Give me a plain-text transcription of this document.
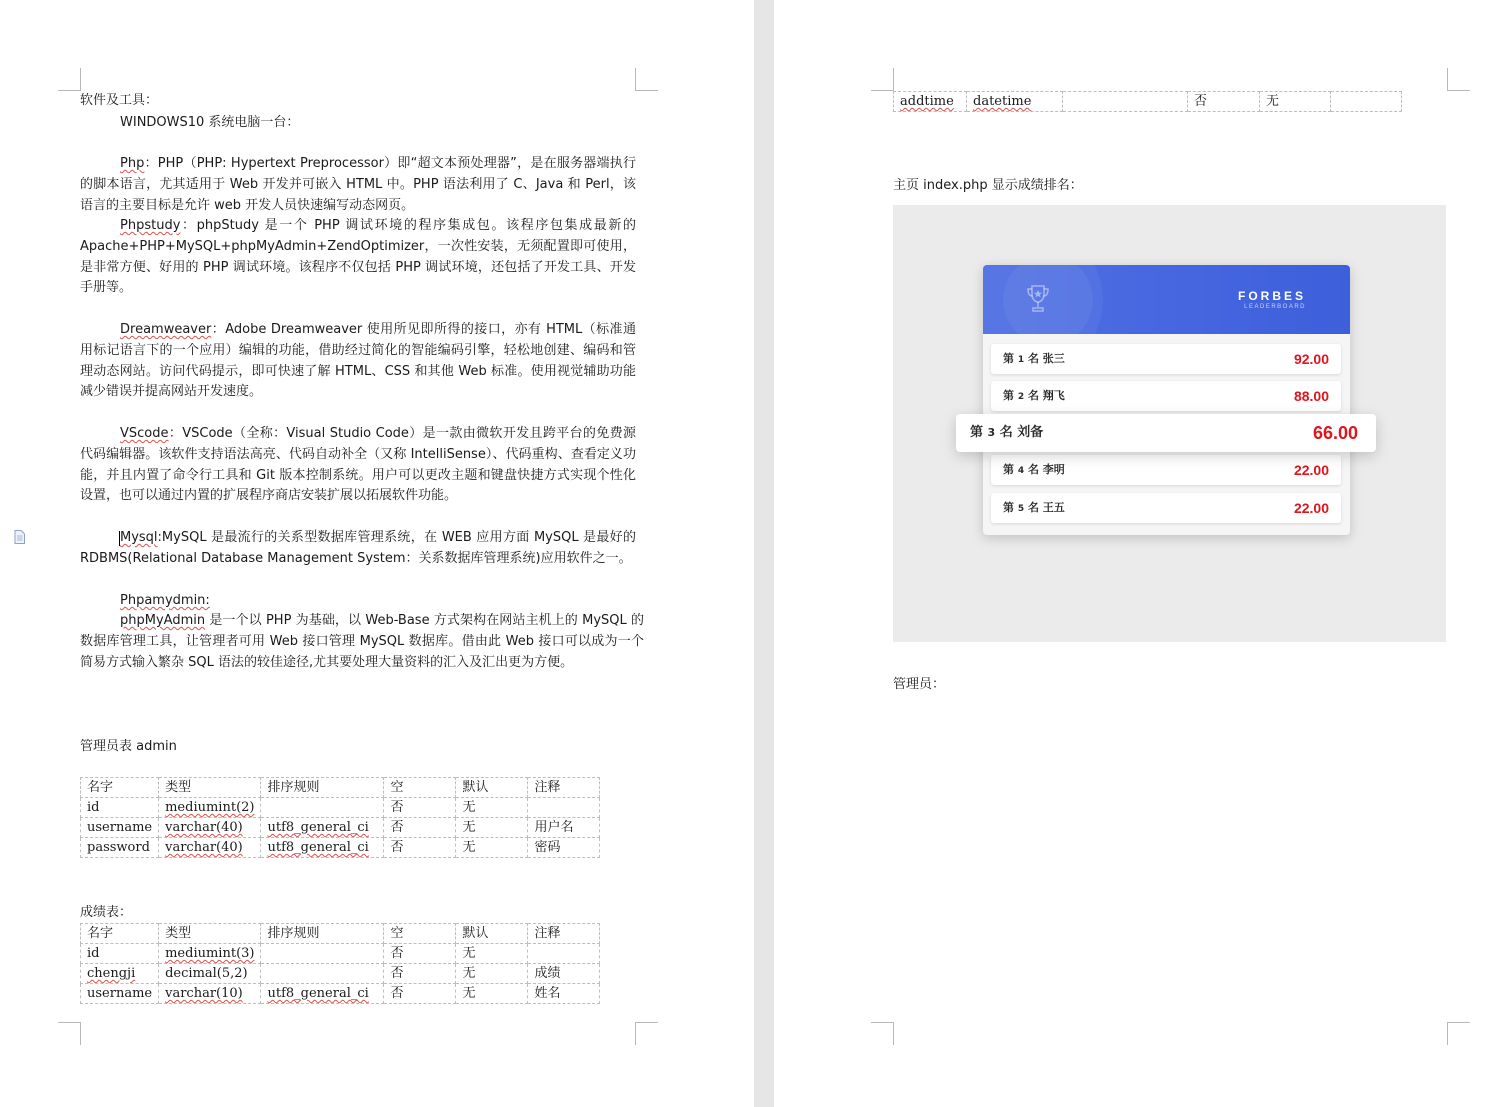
软件及工具：
WINDOWS10 系统电脑一台：
Php：PHP（PHP: Hypertext Preprocessor）即“超文本预处理器”，是在服务器端执行的脚本语言，尤其适用于 Web 开发并可嵌入 HTML 中。PHP 语法利用了 C、Java 和 Perl，该语言的主要目标是允许 web 开发人员快速编写动态网页。
Phpstudy：phpStudy 是一个 PHP 调试环境的程序集成包。该程序包集成最新的 Apache+PHP+MySQL+phpMyAdmin+ZendOptimizer，一次性安装，无须配置即可使用，是非常方便、好用的 PHP 调试环境。该程序不仅包括 PHP 调试环境，还包括了开发工具、开发手册等。
Dreamweaver：Adobe Dreamweaver 使用所见即所得的接口，亦有 HTML（标准通用标记语言下的一个应用）编辑的功能，借助经过简化的智能编码引擎，轻松地创建、编码和管理动态网站。访问代码提示，即可快速了解 HTML、CSS 和其他 Web 标准。使用视觉辅助功能减少错误并提高网站开发速度。
VScode：VSCode（全称：Visual Studio Code）是一款由微软开发且跨平台的免费源代码编辑器。该软件支持语法高亮、代码自动补全（又称 IntelliSense）、代码重构、查看定义功能，并且内置了命令行工具和 Git 版本控制系统。用户可以更改主题和键盘快捷方式实现个性化设置，也可以通过内置的扩展程序商店安装扩展以拓展软件功能。
Mysql:MySQL 是最流行的关系型数据库管理系统，在 WEB 应用方面 MySQL 是最好的 RDBMS(Relational Database Management System：关系数据库管理系统)应用软件之一。
Phpamydmin:
phpMyAdmin 是一个以 PHP 为基础，以 Web-Base 方式架构在网站主机上的 MySQL 的数据库管理工具，让管理者可用 Web 接口管理 MySQL 数据库。借由此 Web 接口可以成为一个简易方式输入繁杂 SQL 语法的较佳途径,尤其要处理大量资料的汇入及汇出更为方便。
管理员表 admin
名字	类型	排序规则	空	默认	注释
id	mediumint(2)		否	无	
username	varchar(40)	utf8_general_ci	否	无	用户名
password	varchar(40)	utf8_general_ci	否	无	密码
成绩表：
名字	类型	排序规则	空	默认	注释
id	mediumint(3)		否	无	
chengji	decimal(5,2)		否	无	成绩
username	varchar(10)	utf8_general_ci	否	无	姓名
addtime	datetime		否	无	
主页 index.php 显示成绩排名：
FORBES
LEADERBOARD
第 1 名 张三	92.00
第 2 名 翔飞	88.00
第 4 名 李明	22.00
第 5 名 王五	22.00
第 3 名 刘备	66.00
管理员：
